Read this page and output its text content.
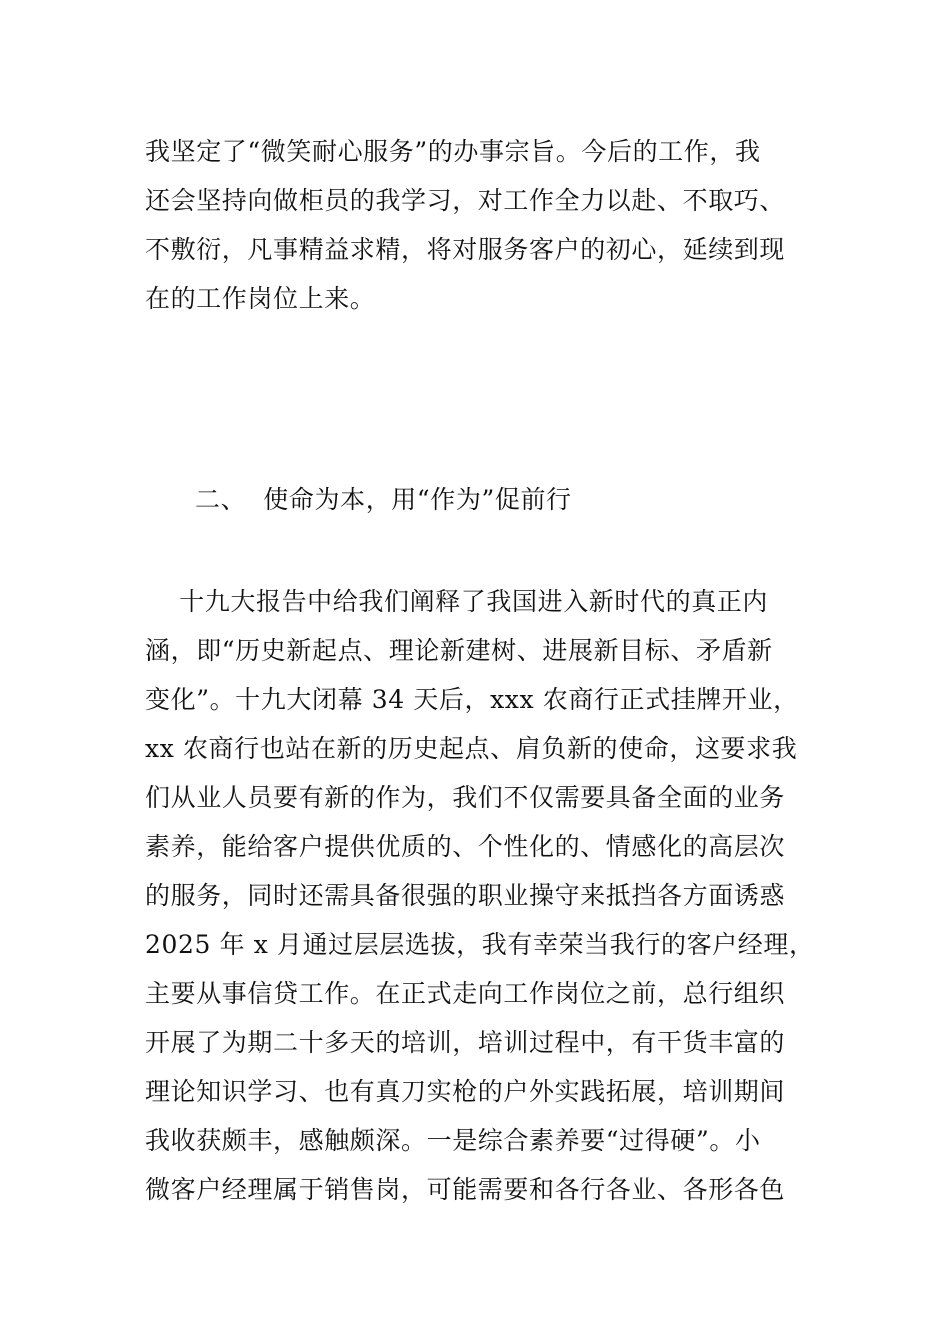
我坚定了“微笑耐心服务”的办事宗旨。今后的工作，我
还会坚持向做柜员的我学习，对工作全力以赴、不取巧、
不敷衍，凡事精益求精，将对服务客户的初心，延续到现
在的工作岗位上来。
二、  使命为本，用“作为”促前行
十九大报告中给我们阐释了我国进入新时代的真正内
涵，即“历史新起点、理论新建树、进展新目标、矛盾新
变化”。十九大闭幕 34 天后，xxx 农商行正式挂牌开业，
xx 农商行也站在新的历史起点、肩负新的使命，这要求我
们从业人员要有新的作为，我们不仅需要具备全面的业务
素养，能给客户提供优质的、个性化的、情感化的高层次
的服务，同时还需具备很强的职业操守来抵挡各方面诱惑
2025 年 x 月通过层层选拔，我有幸荣当我行的客户经理，
主要从事信贷工作。在正式走向工作岗位之前，总行组织
开展了为期二十多天的培训，培训过程中，有干货丰富的
理论知识学习、也有真刀实枪的户外实践拓展，培训期间
我收获颇丰，感触颇深。一是综合素养要“过得硬”。小
微客户经理属于销售岗，可能需要和各行各业、各形各色
